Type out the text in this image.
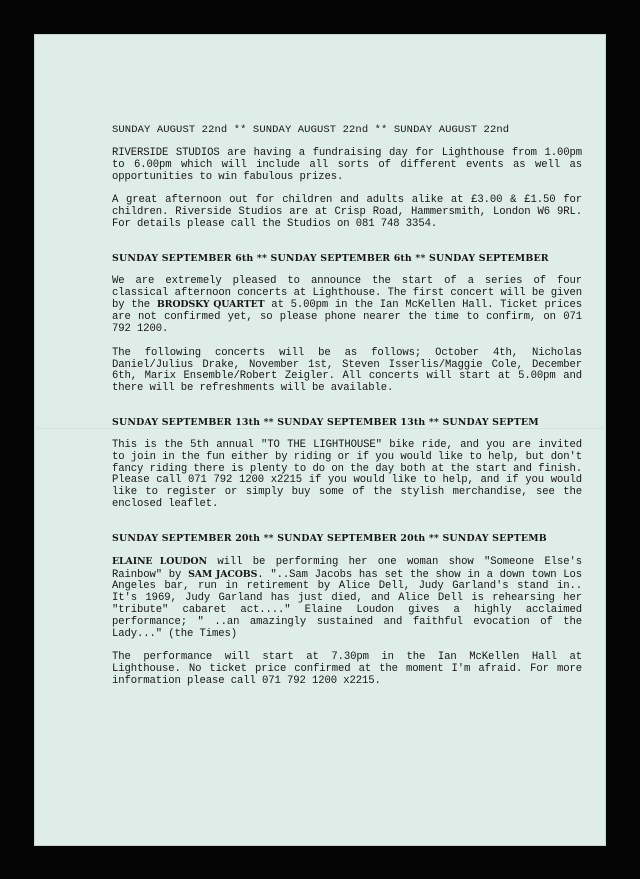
SUNDAY AUGUST 22nd ** SUNDAY AUGUST 22nd ** SUNDAY AUGUST 22nd

RIVERSIDE STUDIOS are having a fundraising day for Lighthouse from 1.00pm to 6.00pm which will include all sorts of different events as well as opportunities to win fabulous prizes.

A great afternoon out for children and adults alike at £3.00 & £1.50 for children. Riverside Studios are at Crisp Road, Hammersmith, London W6 9RL. For details please call the Studios on 081 748 3354.

SUNDAY SEPTEMBER 6th ** SUNDAY SEPTEMBER 6th ** SUNDAY SEPTEMBER

We are extremely pleased to announce the start of a series of four classical afternoon concerts at Lighthouse. The first concert will be given by the BRODSKY QUARTET at 5.00pm in the Ian McKellen Hall. Ticket prices are not confirmed yet, so please phone nearer the time to confirm, on 071 792 1200.

The following concerts will be as follows; October 4th, Nicholas Daniel/Julius Drake, November 1st, Steven Isserlis/Maggie Cole, December 6th, Marix Ensemble/Robert Zeigler. All concerts will start at 5.00pm and there will be refreshments will be available.

SUNDAY SEPTEMBER 13th ** SUNDAY SEPTEMBER 13th ** SUNDAY SEPTEM

This is the 5th annual "TO THE LIGHTHOUSE" bike ride, and you are invited to join in the fun either by riding or if you would like to help, but don't fancy riding there is plenty to do on the day both at the start and finish. Please call 071 792 1200 x2215 if you would like to help, and if you would like to register or simply buy some of the stylish merchandise, see the enclosed leaflet.

SUNDAY SEPTEMBER 20th ** SUNDAY SEPTEMBER 20th ** SUNDAY SEPTEMB

ELAINE LOUDON will be performing her one woman show "Someone Else's Rainbow" by SAM JACOBS. "..Sam Jacobs has set the show in a down town Los Angeles bar, run in retirement by Alice Dell, Judy Garland's stand in.. It's 1969, Judy Garland has just died, and Alice Dell is rehearsing her "tribute" cabaret act...." Elaine Loudon gives a highly acclaimed performance; " ..an amazingly sustained and faithful evocation of the Lady..." (the Times)

The performance will start at 7.30pm in the Ian McKellen Hall at Lighthouse. No ticket price confirmed at the moment I'm afraid. For more information please call 071 792 1200 x2215.
